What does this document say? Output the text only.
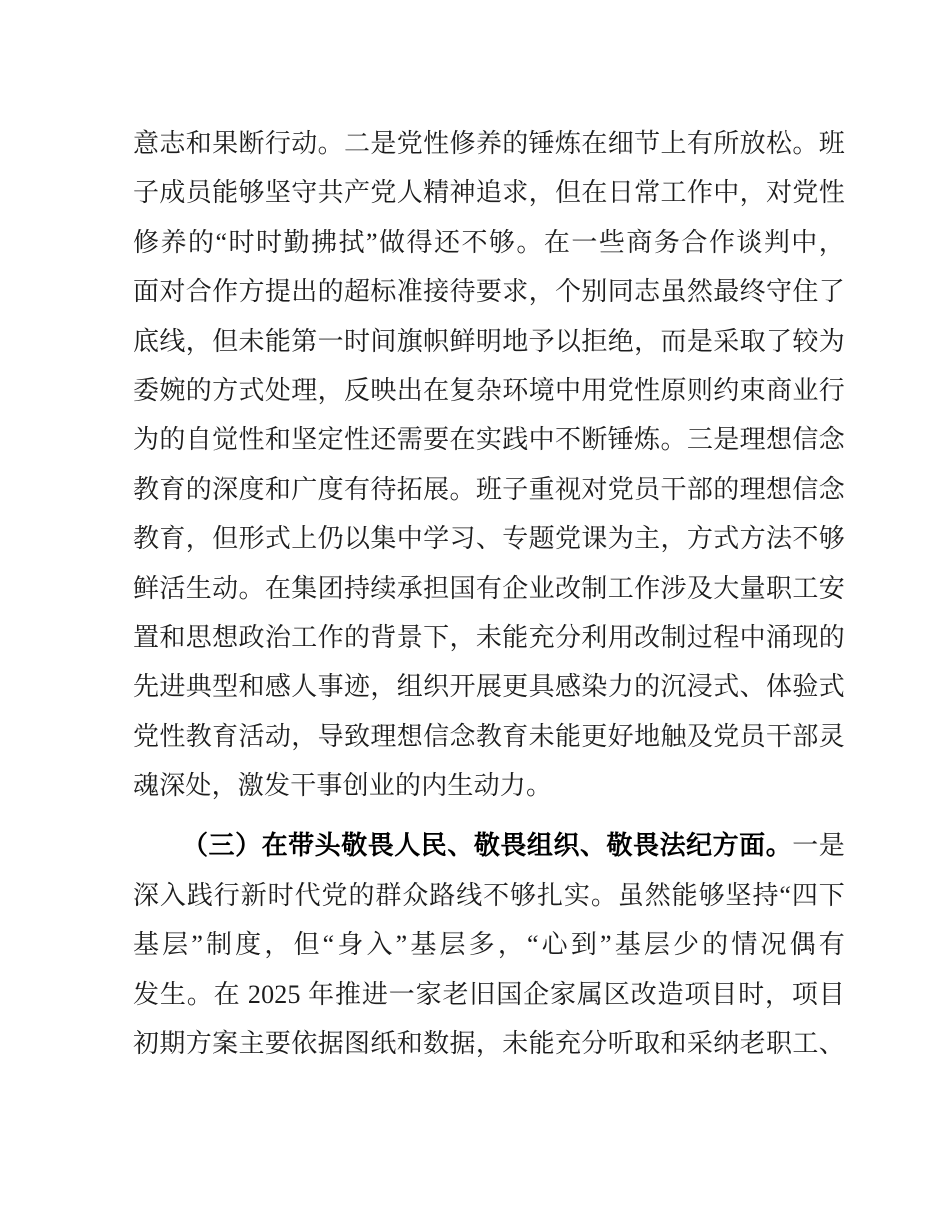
意志和果断行动。二是党性修养的锤炼在细节上有所放松。班
子成员能够坚守共产党人精神追求，但在日常工作中，对党性
修养的“时时勤拂拭”做得还不够。在一些商务合作谈判中，
面对合作方提出的超标准接待要求，个别同志虽然最终守住了
底线，但未能第一时间旗帜鲜明地予以拒绝，而是采取了较为
委婉的方式处理，反映出在复杂环境中用党性原则约束商业行
为的自觉性和坚定性还需要在实践中不断锤炼。三是理想信念
教育的深度和广度有待拓展。班子重视对党员干部的理想信念
教育，但形式上仍以集中学习、专题党课为主，方式方法不够
鲜活生动。在集团持续承担国有企业改制工作涉及大量职工安
置和思想政治工作的背景下，未能充分利用改制过程中涌现的
先进典型和感人事迹，组织开展更具感染力的沉浸式、体验式
党性教育活动，导致理想信念教育未能更好地触及党员干部灵
魂深处，激发干事创业的内生动力。
（三）在带头敬畏人民、敬畏组织、敬畏法纪方面。一是
深入践行新时代党的群众路线不够扎实。虽然能够坚持“四下
基层”制度，但“身入”基层多，“心到”基层少的情况偶有
发生。在 2025 年推进一家老旧国企家属区改造项目时，项目
初期方案主要依据图纸和数据，未能充分听取和采纳老职工、
